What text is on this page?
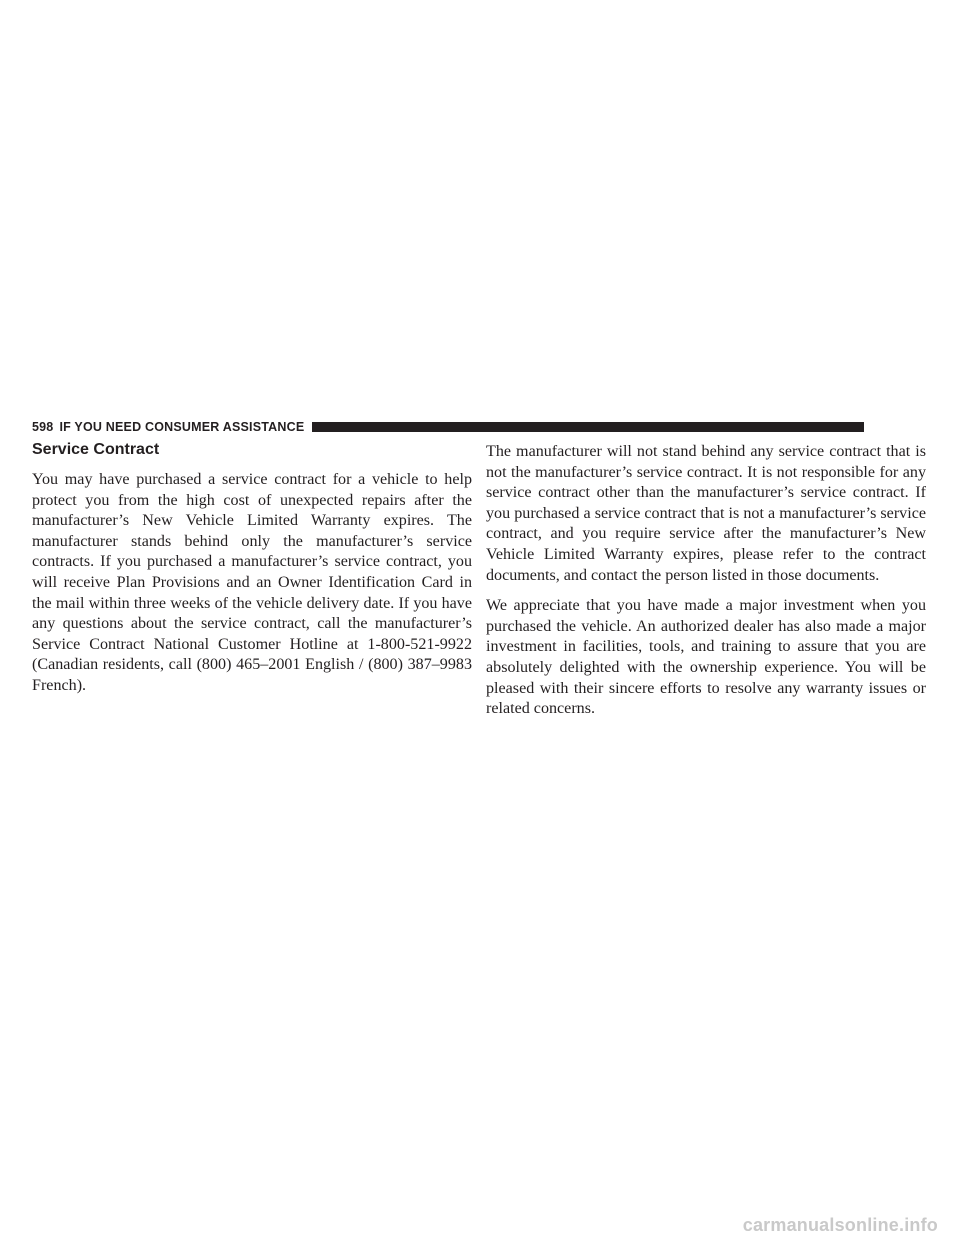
598 IF YOU NEED CONSUMER ASSISTANCE
Service Contract

You may have purchased a service contract for a vehicle to help protect you from the high cost of unexpected repairs after the manufacturer’s New Vehicle Limited Warranty expires. The manufacturer stands behind only the manufacturer’s service contracts. If you purchased a manufacturer’s service contract, you will receive Plan Provisions and an Owner Identification Card in the mail within three weeks of the vehicle delivery date. If you have any questions about the service contract, call the manufacturer’s Service Contract National Customer Hotline at 1-800-521-9922 (Canadian residents, call (800) 465–2001 English / (800) 387–9983 French).

The manufacturer will not stand behind any service contract that is not the manufacturer’s service contract. It is not responsible for any service contract other than the manufacturer’s service contract. If you purchased a service contract that is not a manufacturer’s service contract, and you require service after the manufacturer’s New Vehicle Limited Warranty expires, please refer to the contract documents, and contact the person listed in those documents.

We appreciate that you have made a major investment when you purchased the vehicle. An authorized dealer has also made a major investment in facilities, tools, and training to assure that you are absolutely delighted with the ownership experience. You will be pleased with their sincere efforts to resolve any warranty issues or related concerns.

carmanualsonline.info
